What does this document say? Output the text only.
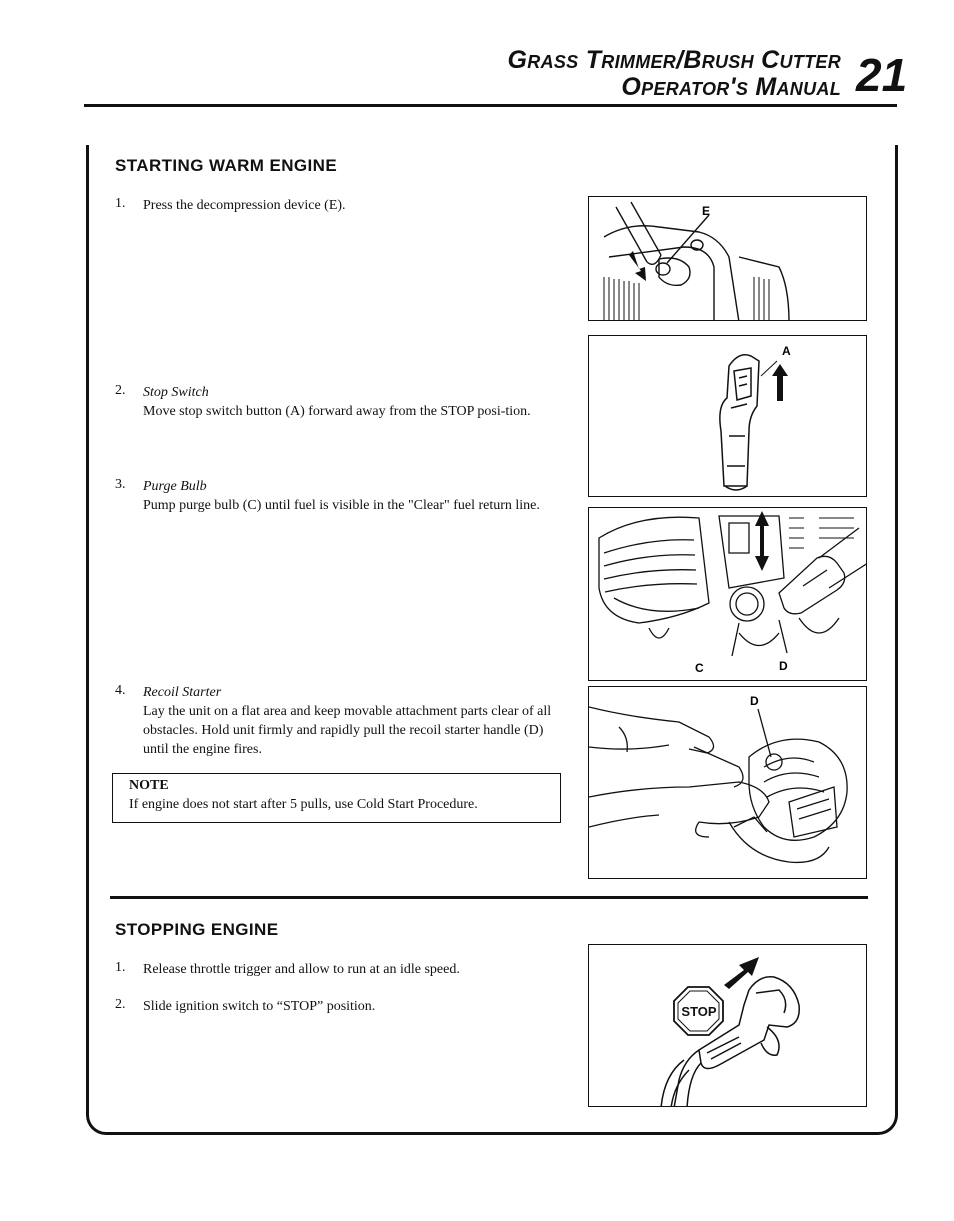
Grass Trimmer/Brush Cutter
Operator's Manual 21
STARTING WARM ENGINE
1. Press the decompression device (E).
2. Stop Switch
Move stop switch button (A) forward away from the STOP posi-tion.
3. Purge Bulb
Pump purge bulb (C) until fuel is visible in the "Clear" fuel return line.
4. Recoil Starter
Lay the unit on a flat area and keep movable attachment parts clear of all obstacles. Hold unit firmly and rapidly pull the recoil starter handle (D) until the engine fires.
NOTE
If engine does not start after 5 pulls, use Cold Start Procedure.
STOPPING ENGINE
1. Release throttle trigger and allow to run at an idle speed.
2. Slide ignition switch to “STOP” position.
E
A
C	D
D
STOP
